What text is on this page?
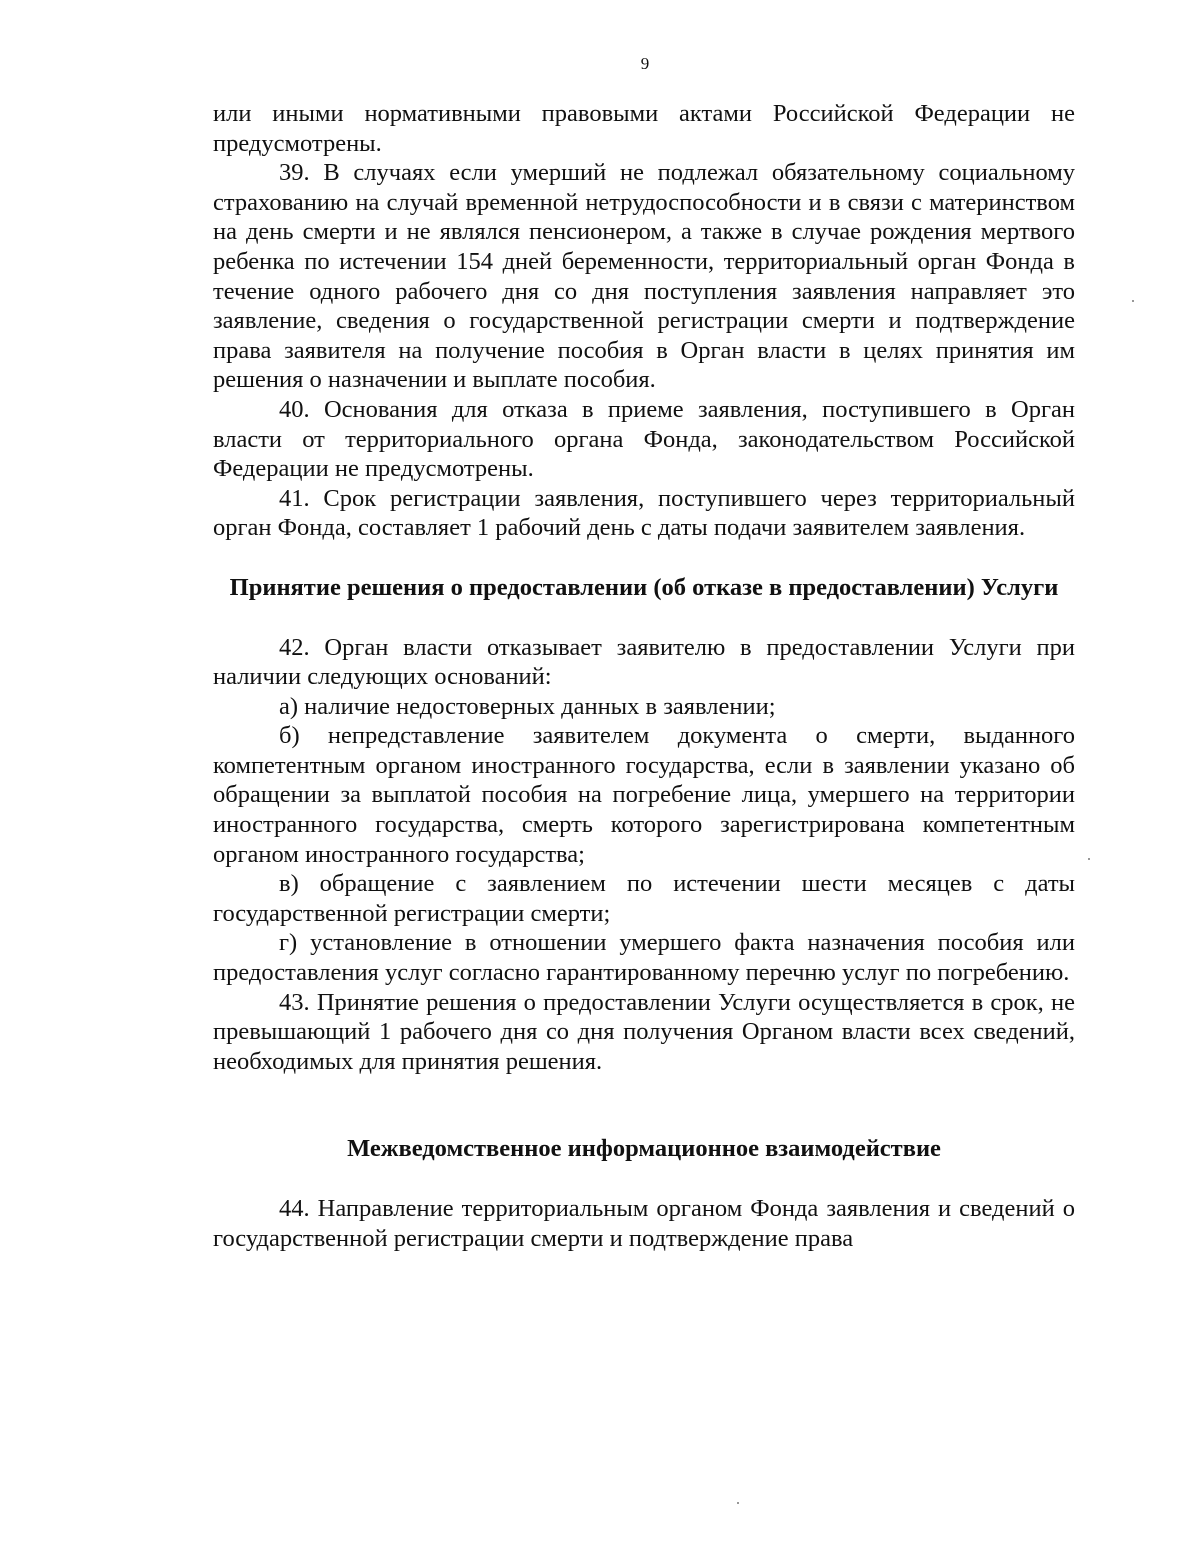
9

или иными нормативными правовыми актами Российской Федерации не предусмотрены.

39. В случаях если умерший не подлежал обязательному социальному страхованию на случай временной нетрудоспособности и в связи с материнством на день смерти и не являлся пенсионером, а также в случае рождения мертвого ребенка по истечении 154 дней беременности, территориальный орган Фонда в течение одного рабочего дня со дня поступления заявления направляет это заявление, сведения о государственной регистрации смерти и подтверждение права заявителя на получение пособия в Орган власти в целях принятия им решения о назначении и выплате пособия.

40. Основания для отказа в приеме заявления, поступившего в Орган власти от территориального органа Фонда, законодательством Российской Федерации не предусмотрены.

41. Срок регистрации заявления, поступившего через территориальный орган Фонда, составляет 1 рабочий день с даты подачи заявителем заявления.

Принятие решения о предоставлении (об отказе в предоставлении) Услуги

42. Орган власти отказывает заявителю в предоставлении Услуги при наличии следующих оснований:

а) наличие недостоверных данных в заявлении;

б) непредставление заявителем документа о смерти, выданного компетентным органом иностранного государства, если в заявлении указано об обращении за выплатой пособия на погребение лица, умершего на территории иностранного государства, смерть которого зарегистрирована компетентным органом иностранного государства;

в) обращение с заявлением по истечении шести месяцев с даты государственной регистрации смерти;

г) установление в отношении умершего факта назначения пособия или предоставления услуг согласно гарантированному перечню услуг по погребению.

43. Принятие решения о предоставлении Услуги осуществляется в срок, не превышающий 1 рабочего дня со дня получения Органом власти всех сведений, необходимых для принятия решения.

Межведомственное информационное взаимодействие

44. Направление территориальным органом Фонда заявления и сведений о государственной регистрации смерти и подтверждение права
